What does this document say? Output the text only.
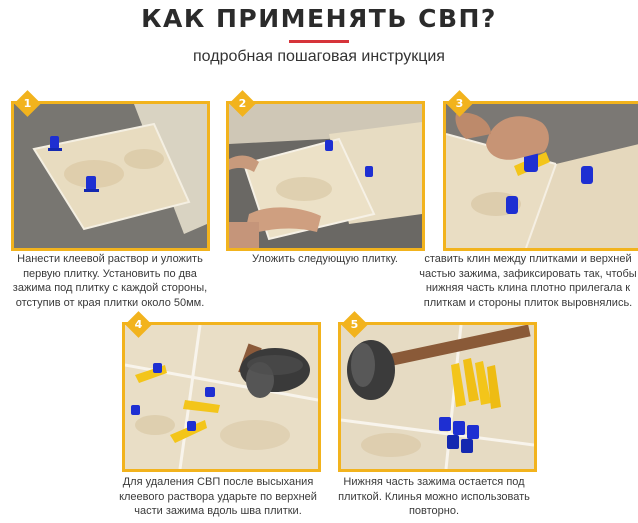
КАК ПРИМЕНЯТЬ СВП?
подробная пошаговая инструкция
1
Нанести клеевой раствор и уложить
первую плитку. Установить по два
зажима под плитку с каждой стороны,
отступив от края плитки около 50мм.
2
Уложить следующую плитку.
3
ставить клин между плитками и верхней
частью зажима, зафиксировать так, чтобы
нижняя часть клина плотно прилегала к
плиткам и стороны плиток выровнялись.
4
Для удаления СВП после высыхания
клеевого раствора ударьте по верхней
части зажима вдоль шва плитки.
5
Нижняя часть зажима остается под
плиткой. Клинья можно использовать
повторно.
